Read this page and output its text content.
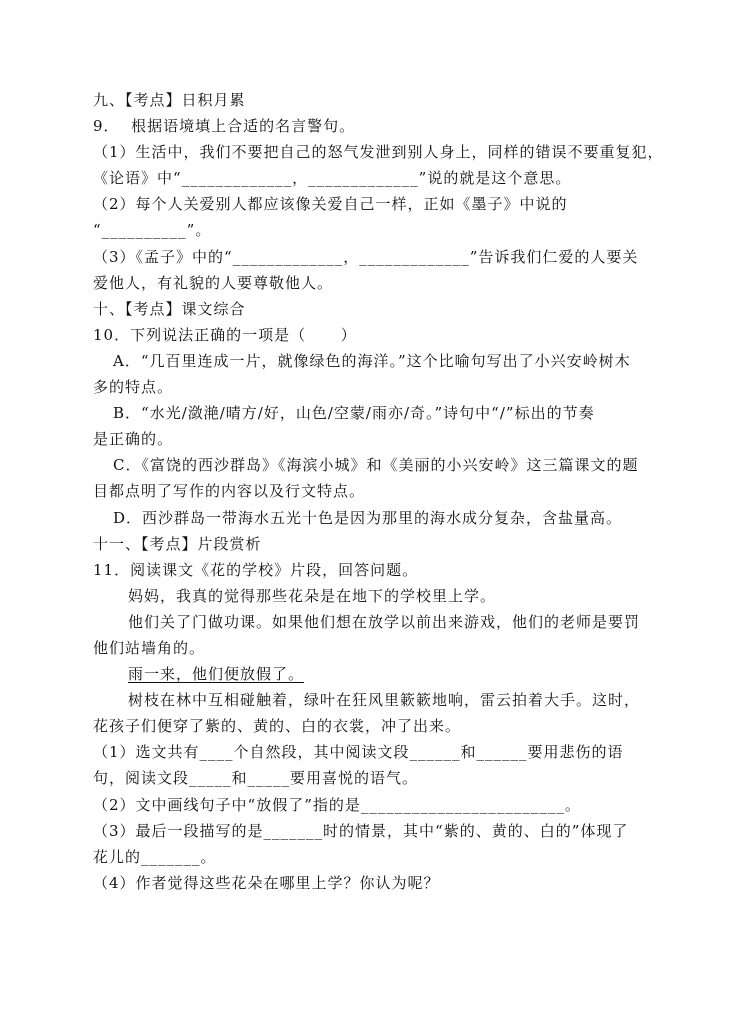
九、【考点】日积月累
9．  根据语境填上合适的名言警句。
（1）生活中，我们不要把自己的怒气发泄到别人身上，同样的错误不要重复犯，
《论语》中“_____________，_____________”说的就是这个意思。
（2）每个人关爱别人都应该像关爱自己一样，正如《墨子》中说的
“__________”。
（3）《孟子》中的“_____________，_____________”告诉我们仁爱的人要关
爱他人，有礼貌的人要尊敬他人。
十、【考点】课文综合
10．下列说法正确的一项是（      ）
A．“几百里连成一片，就像绿色的海洋。”这个比喻句写出了小兴安岭树木
多的特点。
B．“水光/潋滟/晴方/好，山色/空蒙/雨亦/奇。”诗句中“/”标出的节奏
是正确的。
C．《富饶的西沙群岛》《海滨小城》和《美丽的小兴安岭》这三篇课文的题
目都点明了写作的内容以及行文特点。
D．西沙群岛一带海水五光十色是因为那里的海水成分复杂，含盐量高。
十一、【考点】片段赏析
11．阅读课文《花的学校》片段，回答问题。
妈妈，我真的觉得那些花朵是在地下的学校里上学。
他们关了门做功课。如果他们想在放学以前出来游戏，他们的老师是要罚
他们站墙角的。
雨一来，他们便放假了。
树枝在林中互相碰触着，绿叶在狂风里簌簌地响，雷云拍着大手。这时，
花孩子们便穿了紫的、黄的、白的衣裳，冲了出来。
（1）选文共有____个自然段，其中阅读文段______和______要用悲伤的语
句，阅读文段_____和_____要用喜悦的语气。
（2）文中画线句子中“放假了”指的是________________________。
（3）最后一段描写的是_______时的情景，其中“紫的、黄的、白的”体现了
花儿的_______。
（4）作者觉得这些花朵在哪里上学？你认为呢？
